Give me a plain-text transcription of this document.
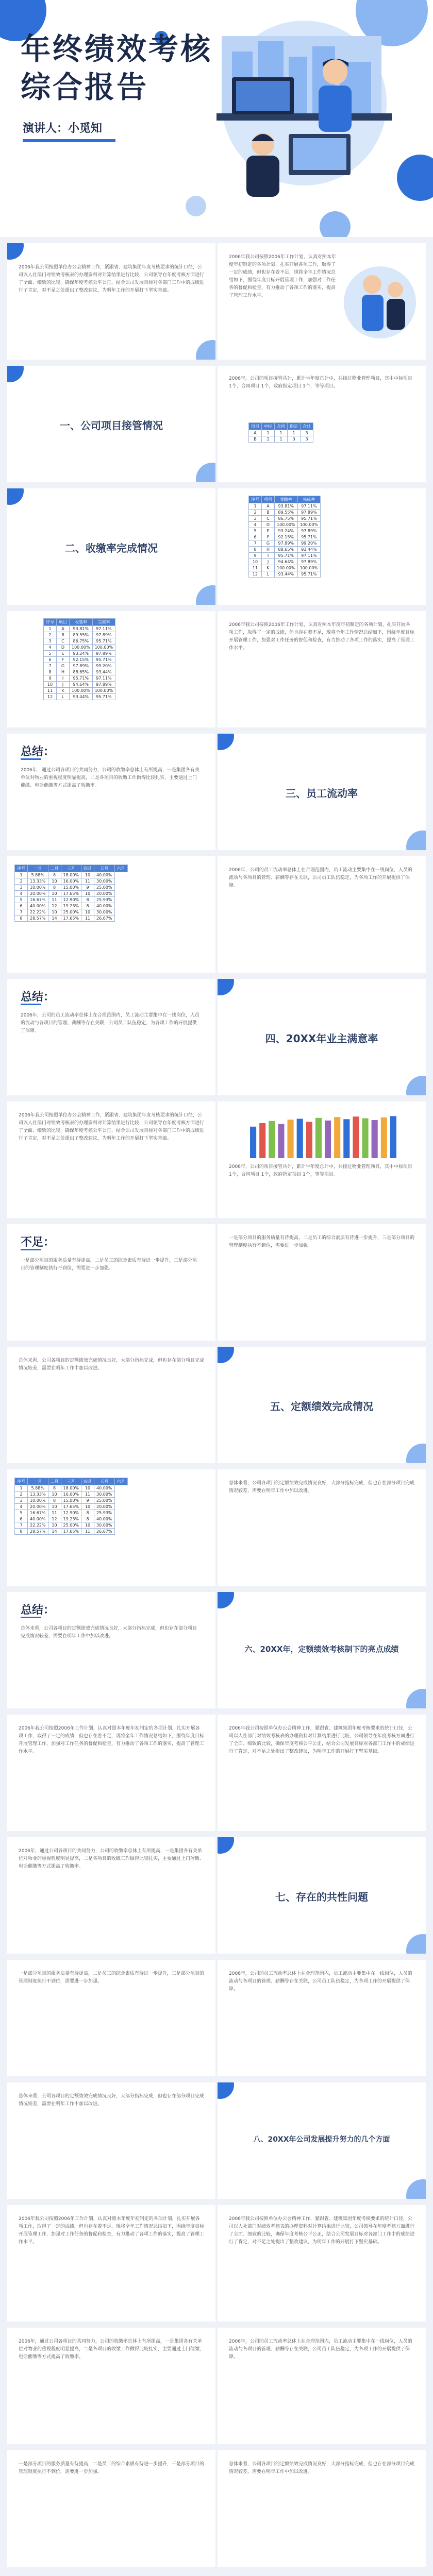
年终绩效考核
综合报告
演讲人：小觅知
2006年我公司按照单位办公会精神工作，紧跟省、建筑集团年度考核要求的统计口径，公司以人社部门对绩效考核表的办理资料对计算结果进行比较，公司领导在年度考核方面进行了全面、细致的比较，确保年度考核公平公正，结合公司发展目标对各部门工作中的成绩进行了肯定，对不足之处提出了整改建议，为明年工作的开展打下坚实基础。
2006年我公司按照2006年工作计划，认真对照本年度年初制定的各项计划，扎实开展各项工作，取得了一定的成绩，但也存在着不足，现将全年工作情况总结如下，围绕年度目标开展管理工作，加强对工作任务的督促和检查，有力推动了各项工作的落实，提高了管理工作水平。
一、公司项目接管情况
2006年，公司的项目接管共计，累计半年度总计中，共接过物业管理项目，其中中标项目 1个，合同项目 1个，政府指定项目 1个，等等项目。
项目	中标	合同	指定	合计
A	1	1	1	3
B	2	1	0	3
二、收缴率完成情况
序号	项目	收缴率	完成率
1	A	93.81%	97.11%
2	B	89.55%	97.89%
3	C	86.75%	95.71%
4	D	100.00%	100.00%
5	E	93.24%	97.89%
6	F	92.15%	95.71%
7	G	97.89%	99.20%
8	H	88.65%	93.44%
9	I	95.71%	97.11%
10	J	94.64%	97.89%
11	K	100.00%	100.00%
12	L	93.44%	95.71%
序号	项目	收缴率	完成率
1	A	93.81%	97.11%
2	B	89.55%	97.89%
3	C	86.75%	95.71%
4	D	100.00%	100.00%
5	E	93.24%	97.89%
6	F	92.15%	95.71%
7	G	97.89%	99.20%
8	H	88.65%	93.44%
9	I	95.71%	97.11%
10	J	94.64%	97.89%
11	K	100.00%	100.00%
12	L	93.44%	95.71%
2006年我公司按照2006年工作计划，认真对照本年度年初制定的各项计划，扎实开展各项工作，取得了一定的成绩，但也存在着不足，现将全年工作情况总结如下，围绕年度目标开展管理工作，加强对工作任务的督促和检查，有力推动了各项工作的落实，提高了管理工作水平。
总结：
2006年，通过公司各项目的共同努力，公司的收缴率总体上有所提高，一是集团各有关单位对物业的重视程度明显提高，二是各项目的收缴工作做得比较扎实，主要通过上门催缴、电话催缴等方式提高了收缴率。
三、员工流动率
序号	一月	二月	三月	四月	五月	六月
1	5.88%	8	18.00%	10	40.00%	
2	13.33%	10	16.00%	11	30.00%	
3	10.00%	8	15.00%	9	25.00%	
4	20.00%	10	17.65%	10	20.00%	
5	16.67%	11	12.90%	8	25.93%	
6	40.00%	12	19.23%	8	40.00%	
7	22.22%	10	25.00%	10	30.00%	
8	28.57%	14	17.65%	11	26.67%	
2006年，公司的员工流动率总体上在合理范围内，员工流动主要集中在一线岗位，人员的流动与各项目的管理、薪酬等存在关联，公司员工队伍稳定，为各项工作的开展提供了保障。
总结：
2006年，公司的员工流动率总体上在合理范围内，员工流动主要集中在一线岗位，人员的流动与各项目的管理、薪酬等存在关联，公司员工队伍稳定，为各项工作的开展提供了保障。
四、20XX年业主满意率
2006年我公司按照单位办公会精神工作，紧跟省、建筑集团年度考核要求的统计口径，公司以人社部门对绩效考核表的办理资料对计算结果进行比较，公司领导在年度考核方面进行了全面、细致的比较，确保年度考核公平公正，结合公司发展目标对各部门工作中的成绩进行了肯定，对不足之处提出了整改建议，为明年工作的开展打下坚实基础。
2006年，公司的项目接管共计，累计半年度总计中，共接过物业管理项目，其中中标项目 1个，合同项目 1个，政府指定项目 1个，等等项目。
不足：
一是部分项目的服务质量有待提高，二是员工的综合素质有待进一步提升，三是部分项目的管理制度执行不到位，需要进一步加强。
一是部分项目的服务质量有待提高，二是员工的综合素质有待进一步提升，三是部分项目的管理制度执行不到位，需要进一步加强。
总体来看，公司各项目的定额绩效完成情况良好，大部分指标完成，但也存在部分项目完成情况较差，需要在明年工作中加以改进。
五、定额绩效完成情况
序号	一月	二月	三月	四月	五月	六月
1	5.88%	8	18.00%	10	40.00%	
2	13.33%	10	16.00%	11	30.00%	
3	10.00%	8	15.00%	9	25.00%	
4	20.00%	10	17.65%	10	20.00%	
5	16.67%	11	12.90%	8	25.93%	
6	40.00%	12	19.23%	8	40.00%	
7	22.22%	10	25.00%	10	30.00%	
8	28.57%	14	17.65%	11	26.67%	
总体来看，公司各项目的定额绩效完成情况良好，大部分指标完成，但也存在部分项目完成情况较差，需要在明年工作中加以改进。
总结：
总体来看，公司各项目的定额绩效完成情况良好，大部分指标完成，但也存在部分项目完成情况较差，需要在明年工作中加以改进。
六、20XX年，定额绩效考核制下的亮点成绩
2006年我公司按照2006年工作计划，认真对照本年度年初制定的各项计划，扎实开展各项工作，取得了一定的成绩，但也存在着不足，现将全年工作情况总结如下，围绕年度目标开展管理工作，加强对工作任务的督促和检查，有力推动了各项工作的落实，提高了管理工作水平。
2006年我公司按照单位办公会精神工作，紧跟省、建筑集团年度考核要求的统计口径，公司以人社部门对绩效考核表的办理资料对计算结果进行比较，公司领导在年度考核方面进行了全面、细致的比较，确保年度考核公平公正，结合公司发展目标对各部门工作中的成绩进行了肯定，对不足之处提出了整改建议，为明年工作的开展打下坚实基础。
2006年，通过公司各项目的共同努力，公司的收缴率总体上有所提高，一是集团各有关单位对物业的重视程度明显提高，二是各项目的收缴工作做得比较扎实，主要通过上门催缴、电话催缴等方式提高了收缴率。
七、存在的共性问题
一是部分项目的服务质量有待提高，二是员工的综合素质有待进一步提升，三是部分项目的管理制度执行不到位，需要进一步加强。
2006年，公司的员工流动率总体上在合理范围内，员工流动主要集中在一线岗位，人员的流动与各项目的管理、薪酬等存在关联，公司员工队伍稳定，为各项工作的开展提供了保障。
总体来看，公司各项目的定额绩效完成情况良好，大部分指标完成，但也存在部分项目完成情况较差，需要在明年工作中加以改进。
八、20XX年公司发展提升努力的几个方面
2006年我公司按照2006年工作计划，认真对照本年度年初制定的各项计划，扎实开展各项工作，取得了一定的成绩，但也存在着不足，现将全年工作情况总结如下，围绕年度目标开展管理工作，加强对工作任务的督促和检查，有力推动了各项工作的落实，提高了管理工作水平。
2006年我公司按照单位办公会精神工作，紧跟省、建筑集团年度考核要求的统计口径，公司以人社部门对绩效考核表的办理资料对计算结果进行比较，公司领导在年度考核方面进行了全面、细致的比较，确保年度考核公平公正，结合公司发展目标对各部门工作中的成绩进行了肯定，对不足之处提出了整改建议，为明年工作的开展打下坚实基础。
2006年，通过公司各项目的共同努力，公司的收缴率总体上有所提高，一是集团各有关单位对物业的重视程度明显提高，二是各项目的收缴工作做得比较扎实，主要通过上门催缴、电话催缴等方式提高了收缴率。
2006年，公司的员工流动率总体上在合理范围内，员工流动主要集中在一线岗位，人员的流动与各项目的管理、薪酬等存在关联，公司员工队伍稳定，为各项工作的开展提供了保障。
一是部分项目的服务质量有待提高，二是员工的综合素质有待进一步提升，三是部分项目的管理制度执行不到位，需要进一步加强。
总体来看，公司各项目的定额绩效完成情况良好，大部分指标完成，但也存在部分项目完成情况较差，需要在明年工作中加以改进。
